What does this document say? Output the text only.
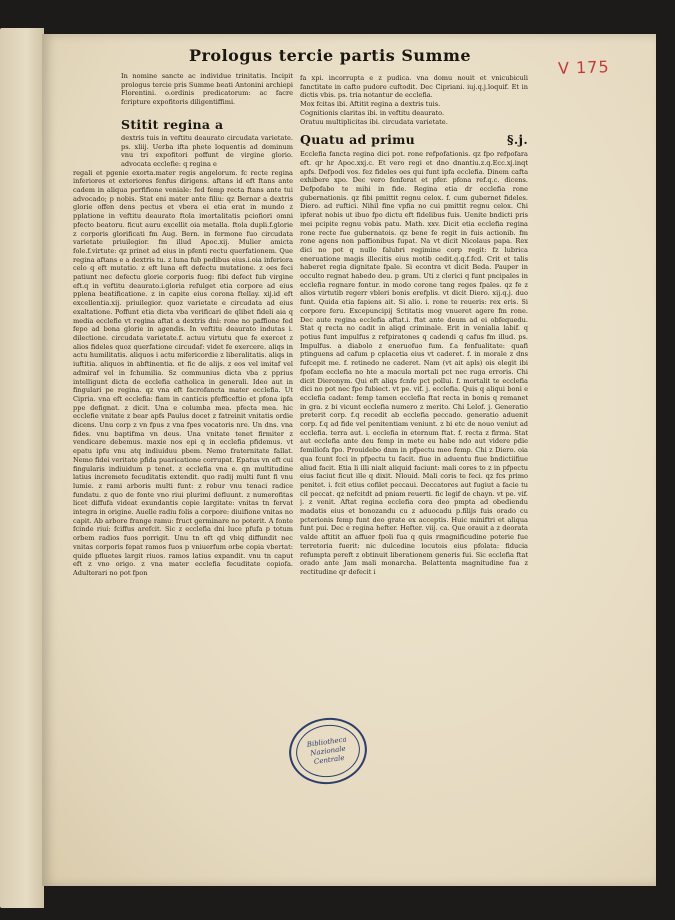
V 175
Prologus tercie partis Summe

In nomine sancte ac individue trinitatis. Incipit prologus tercie pris Summe beati Antonini archiepi Florentini. o.ordinis predicatorum: ac facre fcripture expofitoris diligentiffimi.

Stitit regina a

dextris tuis in veftitu deaurato circudata varietate. ps. xliij. Uerba ifta phete loquentis ad dominum vnu tri expofitori poffunt de virgine glorio. advocata ecclefie: q regina e

regali et pgenie exorta.mater regis angelorum. fc recte regina inferiores et exteriores fenfus dirigens. aftans id eft ftans ante cadem in aliqua perfifione veniale: fed femp recta ftans ante tui advocado; p nobis. Stat eni mater ante filiu: qz Bernar a dextris glorie offen dens pectus et vbera ei etia erat in mundo z pplatione in veftitu deaurato ftola imortalitatis pciofiori omni pfecto beatoru. ficut auru excellit oia metalla. ftola dupli.f.glorie z corporis glorificati fm Aug. Bern. in fermone fuo circudata varietate priuilegior. fm illud Apoc.xij. Mulier amicta fole.f.virtute: qz prinet ad eius in pfenti rectu querfationem. Que regina aftans e a dextris tu. z luna fub pedibus eius.i.oia inferiora celo q eft mutatio. z eft luna eft defectu mutatione. z oes feci patiunt nec defectu glorie corporis fuog: fibi defect fub virgine eft.q in veftitu deaurato.i.gloria refulget etia corpore ad eius pplena beatificatione. z in capite eius corona ftellay. xij.id eft excellentia.xij. priuilegior. quoz varietate e circudata ad eius exaltatione. Poffunt etia dicta vba verificari de qlibet fideli aia q media ecclefie vt regina aftat a dextris dni: rone no paffione fed fepo ad bona glorie in agendis. In veftitu deaurato indutas i. dilectione. circudata varietate.f. actuu virtutu que fe exercet z alios fideles quoz querfatione circudaf: videt fe exercere. aliqs in actu humilitatis. aliquos i actu mifericordie z liberalitatis. aliqs in iuftitia. aliquos in abftinentia. et fic de alijs. z eos vel imitaf vel admiraf vel in fchumilia. Sz communius dicta vba z pprius intelligunt dicta de ecclefia catholica in generali. Ideo aut in fingulari pe regina. qz vna eft facrofancta mater ecclefia. Ut Cipria. vna eft ecclefia: fiam in canticis pfefficeftio et pfona ipfa ppe defignat. z dicit. Una e columba mea. pfecta mea. hic ecclefie vnitate z bear apfs Paulus docet z fatreinit vnitatis ordie dicens. Unu corp z vn fpus z vna fpes vocatoris nre. Un dns. vna fides. vnu baptifma vn deus. Una vnitate tenet firmiter z vendicare debemus. maxie nos epi q in ecclefia pfidemus. vt epatu ipfu vnu atq indiuiduu pbem. Nemo fraternitate fallat. Nemo fidei veritate pfida puaricatione corrupat. Epatus vn eft cui fingularis indiuidum p tenet. z ecclefia vna e. qn multitudine latius incremeto fecuditatis extendit. quo radij multi funt fi vnu lumie. z rami arboris multi funt: z robur vnu tenaci radice fundatu. z quo de fonte vno riui plurimi defluunt. z numerofitas licet diffufa videat exundantis copie largitate: vnitas tn fervat integra in origine. Auelle radiu folis a corpore: diuifione vnitas no capit. Ab arbore frange ramu: fruct germinare no poterit. A fonte fcinde riui: fciffus arefcit. Sic z ecclefia dni luce pfufa p totum orbem radios fuos porrigit. Unu tn eft qd vbiq diffundit nec vnitas corporis fepat ramos fuos p vniuerfum orbe copia vbertat: quide pfluetes largit riuos. ramos latius expandit. vnu tn caput eft z vno origo. z vna mater ecclefia fecuditate copiofa. Adulterari no pot fpon

fa xpi. incorrupta e z pudica. vna domu nouit et vnicubiculi fanctitate in cafto pudore cuftodit. Dec Cipriani. iuj.q.j.loquif. Et in dictis vbis. ps. tria notantur de ecclefia.

Mox fcitas ibi. Aftitit regina a dextris tuis.

Cognitionis claritas ibi. in veftitu deaurato.

Oratuu multiplicitas ibi. circudata varietate.

Quatu ad primu	§.j.

Ecclefia fancta regina dici pot. rone refpofationis. qz fpo refpofara eft. qr hr Apoc.xxj.c. Et vero regi et dno dnantiu.z.q.Ecc.xj.inqt apfs. Defpodi vos. fez fideles oes qui funt ipfa ecclefia. Dinem cafta exhibere xpo. Dec vero fenferat et pfer. pfona ref.q.c. dicens. Defpofabo te mihi in fide. Regina etia dr ecclefia rone gubernationis. qz fibi pmittit regnu celox. f. cum gubernet fideles. Diero. ad ruftici. Nihil fine vpfia no cui pmittit regnu celox. Chi ipferat nobis ut ibuo fpo dictu eft fidelibus fuis. Uenite bndicti pris mei pcipite regnu vobis patu. Math. xxv. Dicit etia ecclefia regina rone recte fue gubernatois. qz bene fe regit in fuis actionib. fm rone agens non paffionibus fupat. Na vt dicit Nicolaus papa. Rex dici no pot q nullo falubri regimine corp regit: fz lubrica eneruatione magis illecitis eius motib cedit.q.q.f.fcd. Crit et talis haberet regia dignitate fpale. Si econtra vt dicit Beda. Pauper in occulto regnat habedo deu. p gram. Uti z clerici q funt pncipales in ecclefia regnare fontur. in modo corone tang reges fpales. qz fe z alios virtutib regerr vbleri bonis erefplis. vt dicit Diero. xij.q.j. duo funt. Quida etia fapiens ait. Si alio. i. rone te reueris: rex eris. Si corpore feru. Excepuncipij Sctitatis mog vnueret agere fm rone. Dec aute regina ecclefia aftat.i. ftat ante deum ad ei obfequedu. Stat q recta no cadit in aliqd criminale. Erit in venialia labif. q potius funt impulfus z refpiratones q cadendi q cafus fm illud. ps. Impulfus. a diabolo z eneruofuo fum. f.a fenfualitate: quafi ptinguens ad cafum p cplacetia eius vt caderet. f. in morale z dns fufcepit me. f. retinedo ne caderet. Nam (vt ait apls) ois elegit ibi fpofam ecclefia no hte a macula mortali pct nec ruga erroris. Chi dicit Dieronym. Qui eft aliqs fcnfe pct pollui. f. mortalit te ecclefia dici no pot nec fpo fubiect. vt pe. vif. j. ecclefia. Quis q aliqui boni e ecclefia cadant: femp tamen ecclefia ftat recta in bonis q remanet in gra. z bi vicunt ecclefia numero z merito. Chi Lelof. j. Generatio preterit corp. f.q recedit ab ecclefia peccado. generatio aduenit corp. f.q ad fide vel penitentiam veniunt. z bi etc de nouo veniut ad ecclefia. terra aut. i. ecclefia in eternum ftat. f. recta z firma. Stat aut ecclefia ante deu femp in mete eu habe ndo aut videre pdie femiliofa fpo. Prouidebo dnm in pfpectu meo femp. Chi z Diero. oia qua fcunt fcci in pfpectu tu facit. fiue in aduentu fiue bndictiifiue aliud facit. Etia li illi nialt aliquid faciunt: mali cores to z in pfpectu eius faciut ficut ille q dixit. Nlouid. Mali coris te feci. qz fcs primo penitet. i. fcit etius cofilet peccaui. Deccatores aut fugiut a facie tu cil peccat. qz nefcitdt ad pniam reuerti. fic legif de chayn. vt pe. vif. j. z venit. Aftat regina ecclefia cora deo pmpta ad obediendu madatis eius et bonozandu cu z aduocadu p.filijs fuis orado cu pcterionis femp funt deo grate ex acceptis. Huic miniftri et aliqua funt pui. Dec e regina hefter. Hefter. viij. ca. Que orauit a z deorata valde aftitit an affuer fpoli fua q quis rmagnificudine poterie fue terretoria fuerit: nic dulcedine locutois eius pfolata: fiducia refumpta pereft z obtinuit liberationem generis fui. Sic ecclefia ftat orado ante Jam mali monarcha. Belattenta magnitudine fua z rectitudine qr defecit i

Bibliotheca Nazionale Centrale
